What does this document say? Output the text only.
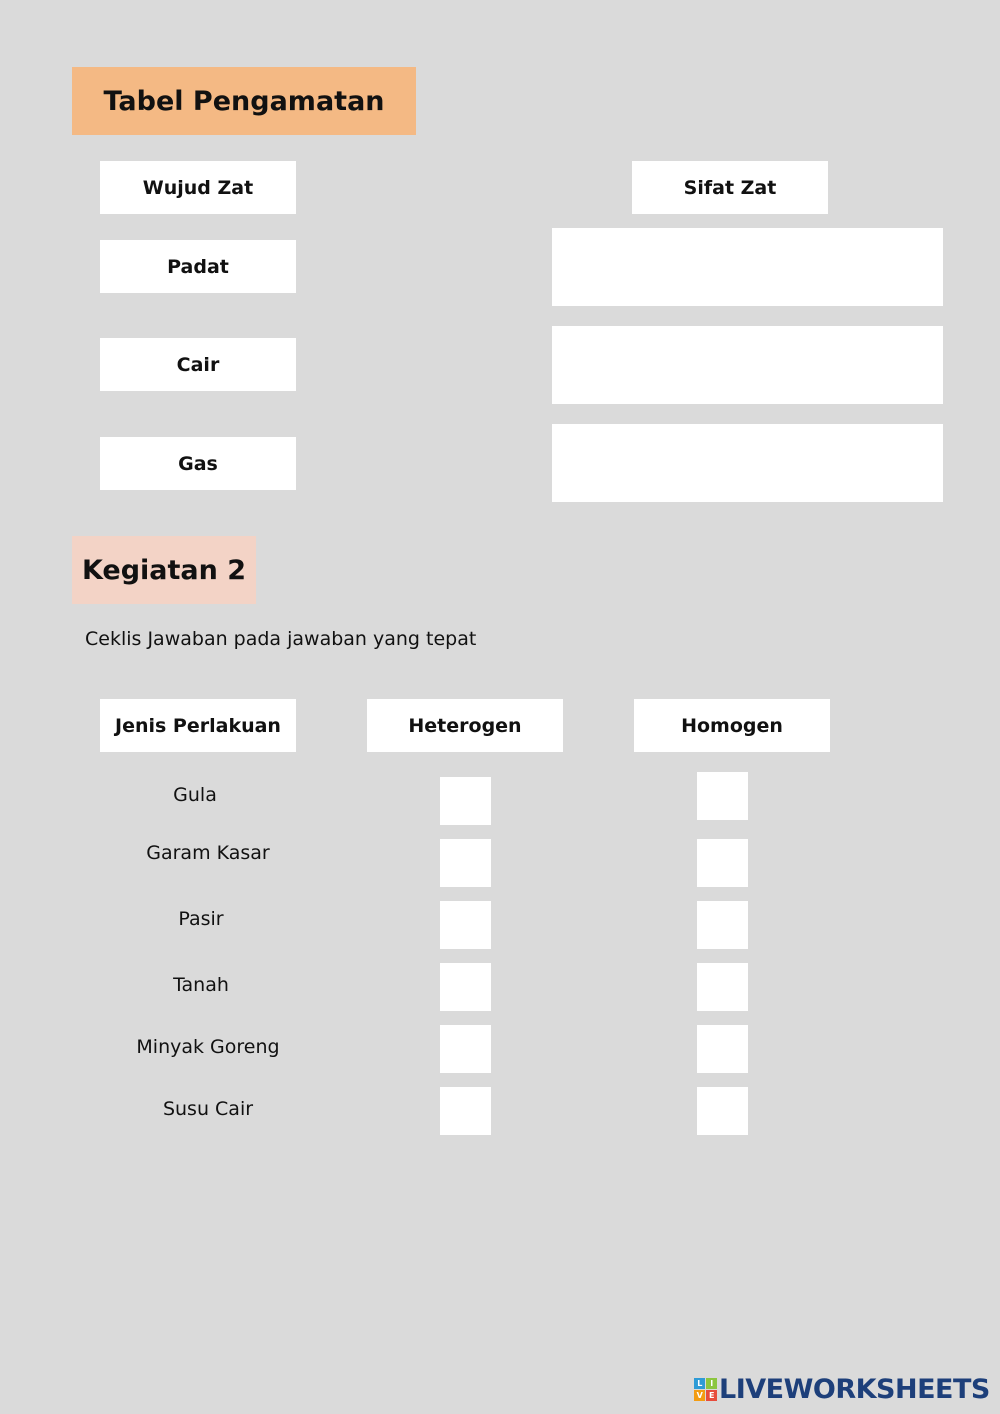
Tabel Pengamatan
Wujud Zat	Sifat Zat
Padat
Cair
Gas
Kegiatan 2
Ceklis Jawaban pada jawaban yang tepat
Jenis Perlakuan	Heterogen	Homogen
Gula
Garam Kasar
Pasir
Tanah
Minyak Goreng
Susu Cair
L	I
V E LIVEWORKSHEETS
